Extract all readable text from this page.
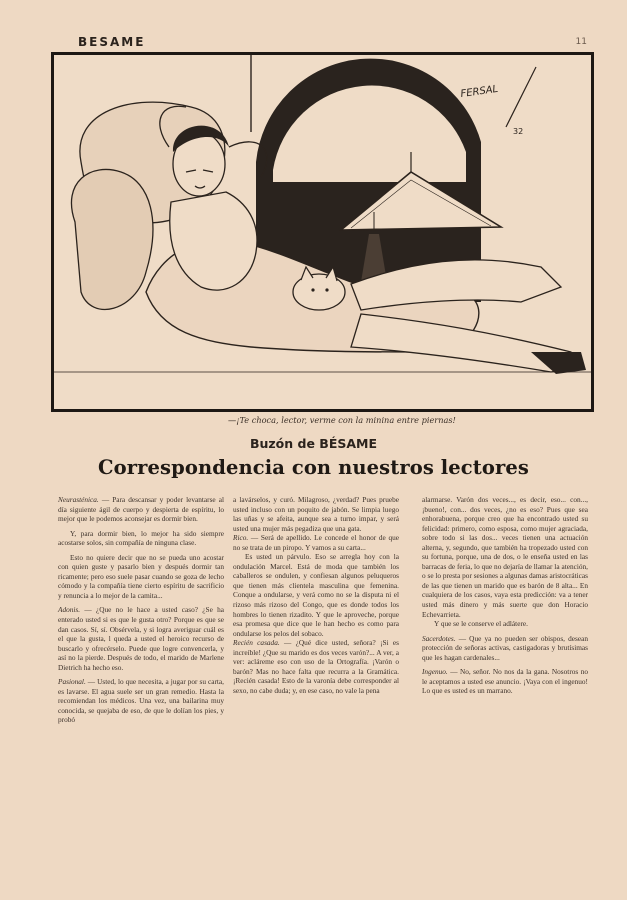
BESAME	11
FERSAL
32
—¡Te choca, lector, verme con la minina entre piernas!
Buzón de BÉSAME
Correspondencia con nuestros lectores

Neurasténica. — Para descansar y poder levantarse al día siguiente ágil de cuerpo y despierta de espíritu, lo mejor que le podemos aconsejar es dormir bien.

Y, para dormir bien, lo mejor ha sido siempre acostarse solos, sin compañía de ninguna clase.

Esto no quiere decir que no se pueda uno acostar con quien guste y pasarlo bien y después dormir tan ricamente; pero eso suele pasar cuando se goza de lecho cómodo y la compañía tiene cierto espíritu de sacrificio y renuncia a lo mejor de la camita...

Adonis. — ¿Que no le hace a usted caso? ¿Se ha enterado usted si es que le gusta otro? Porque es que se dan casos. Sí, sí. Obsérvela, y si logra averiguar cuál es el que la gusta, l queda a usted el heroico recurso de buscarlo y ofrecérselo. Puede que logre convencerla, y así no la pierde. Después de todo, el marido de Marlene Dietrich ha hecho eso.

Pasional. — Usted, lo que necesita, a jugar por su carta, es lavarse. El agua suele ser un gran remedio. Hasta la recomiendan los médicos. Una vez, una bailarina muy conocida, se quejaba de eso, de que le dolían los pies, y probó

a lavárselos, y curó. Milagroso, ¿verdad? Pues pruebe usted incluso con un poquito de jabón. Se limpia luego las uñas y se afeita, aunque sea a turno impar, y será usted una mujer más pegadiza que una gata.

Rico. — Será de apellido. Le concede el honor de que no se trata de un piropo. Y vamos a su carta...

Es usted un párvulo. Eso se arregla hoy con la ondulación Marcel. Está de moda que también los caballeros se ondulen, y confiesan algunos peluqueros que tienen más clientela masculina que femenina. Conque a ondularse, y verá como no se la disputa ni el rizoso más rizoso del Congo, que es donde todos los hombres lo tienen rizadito. Y que le aproveche, porque esa promesa que dice que le han hecho es como para ondularse los pelos del sobaco.

Recién casada. — ¿Qué dice usted, señora? ¡Si es increíble! ¿Que su marido es dos veces varón?... A ver, a ver: acláreme eso con uso de la Ortografía. ¡Varón o barón? Mas no hace falta que recurra a la Gramática. ¡Recién casada! Esto de la varonía debe corresponder al sexo, no cabe duda; y, en ese caso, no vale la pena

alarmarse. Varón dos veces..., es decir, eso... con..., ¡bueno!, con... dos veces, ¿no es eso? Pues que sea enhorabuena, porque creo que ha encontrado usted su felicidad: primero, como esposa, como mujer agraciada, sobre todo si las dos... veces tienen una actuación alterna, y, segundo, que también ha tropezado usted con su fortuna, porque, una de dos, o le enseña usted en las barracas de feria, lo que no dejaría de llamar la atención, o se lo presta por sesiones a algunas damas aristocráticas de las que tienen un marido que es barón de 8 alta... En cualquiera de los casos, vaya esta predicción: va a tener usted más dinero y más suerte que don Horacio Echevarrieta.

Y que se le conserve el adlátere.

Sacerdotes. — Que ya no pueden ser obispos, desean protección de señoras activas, castigadoras y brutísimas que les hagan cardenales...

Ingenuo. — No, señor. No nos da la gana. Nosotros no le aceptamos a usted ese anuncio. ¡Vaya con el ingenuo! Lo que es usted es un marrano.
